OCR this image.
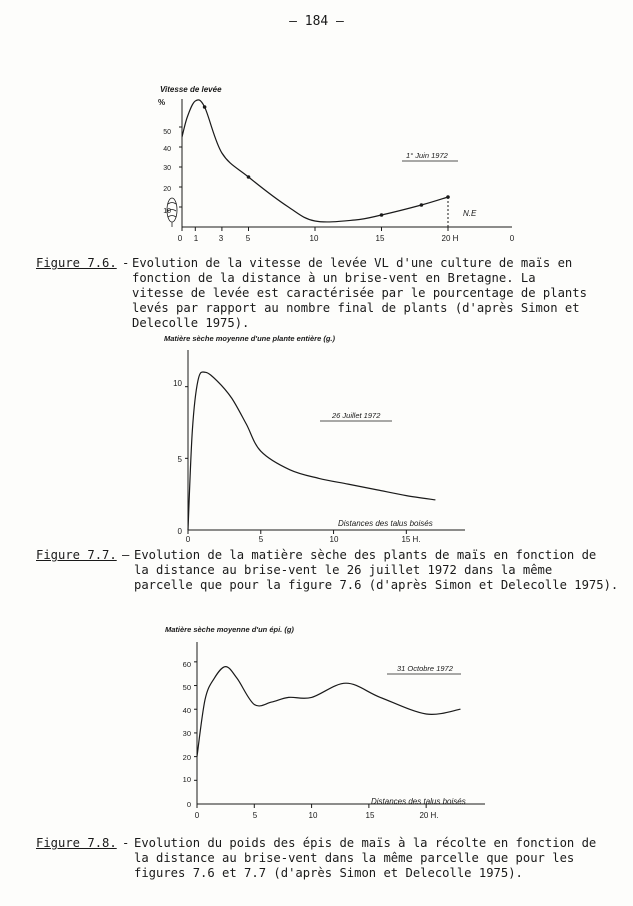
— 184 —
Vitesse de levée
%
1° Juin 1972
N.E
0 1	3	5	10	15	20 H	0
10
20
30
40
50
Figure 7.6. - Evolution de la vitesse de levée VL d'une culture de maïs en

fonction de la distance à un brise-vent en Bretagne. La

vitesse de levée est caractérisée par le pourcentage de plants

levés par rapport au nombre final de plants (d'après Simon et

Delecolle 1975).

Matière sèche moyenne d'une plante entière (g.)
26 Juillet 1972
Distances des talus boisés
0	5	10	15 H.
0
5
10
Figure 7.7. – Evolution de la matière sèche des plants de maïs en fonction de

la distance au brise-vent le 26 juillet 1972 dans la même

parcelle que pour la figure 7.6 (d'après Simon et Delecolle 1975).

Matière sèche moyenne d'un épi. (g)
31 Octobre 1972
Distances des talus boisés
0	5	10	15	20 H.
0
10
20
30
40
50
60
Figure 7.8. - Evolution du poids des épis de maïs à la récolte en fonction de

la distance au brise-vent dans la même parcelle que pour les

figures 7.6 et 7.7 (d'après Simon et Delecolle 1975).
